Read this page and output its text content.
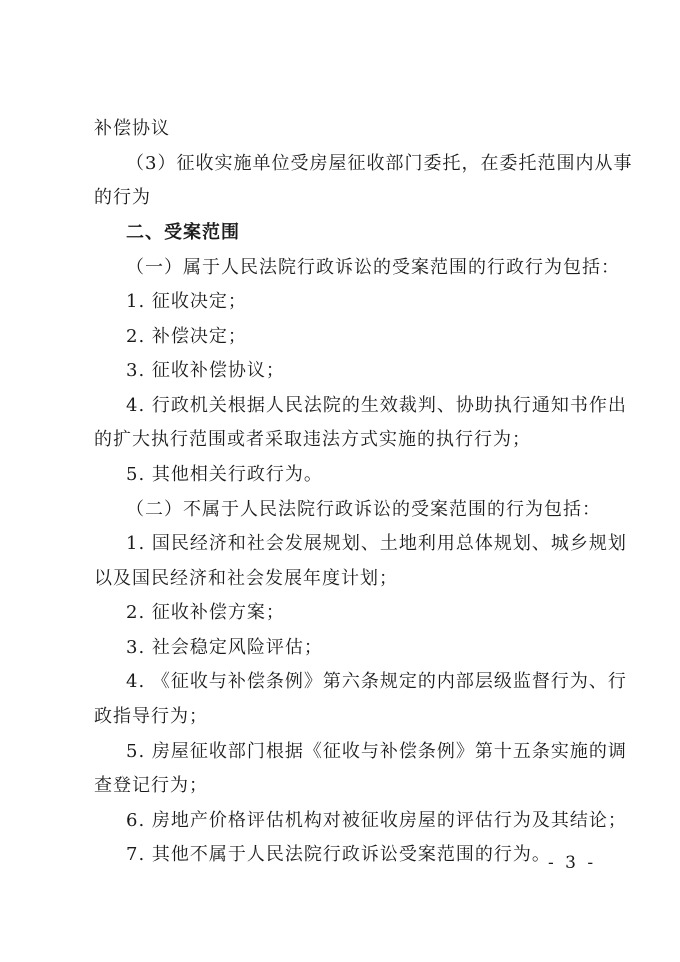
补偿协议
（3）征收实施单位受房屋征收部门委托，在委托范围内从事
的行为
二、受案范围
（一）属于人民法院行政诉讼的受案范围的行政行为包括：
1. 征收决定；
2. 补偿决定；
3. 征收补偿协议；
4. 行政机关根据人民法院的生效裁判、协助执行通知书作出
的扩大执行范围或者采取违法方式实施的执行行为；
5. 其他相关行政行为。
（二）不属于人民法院行政诉讼的受案范围的行为包括：
1. 国民经济和社会发展规划、土地利用总体规划、城乡规划
以及国民经济和社会发展年度计划；
2. 征收补偿方案；
3. 社会稳定风险评估；
4. 《征收与补偿条例》第六条规定的内部层级监督行为、行
政指导行为；
5. 房屋征收部门根据《征收与补偿条例》第十五条实施的调
查登记行为；
6. 房地产价格评估机构对被征收房屋的评估行为及其结论；
7. 其他不属于人民法院行政诉讼受案范围的行为。
- 3 -
